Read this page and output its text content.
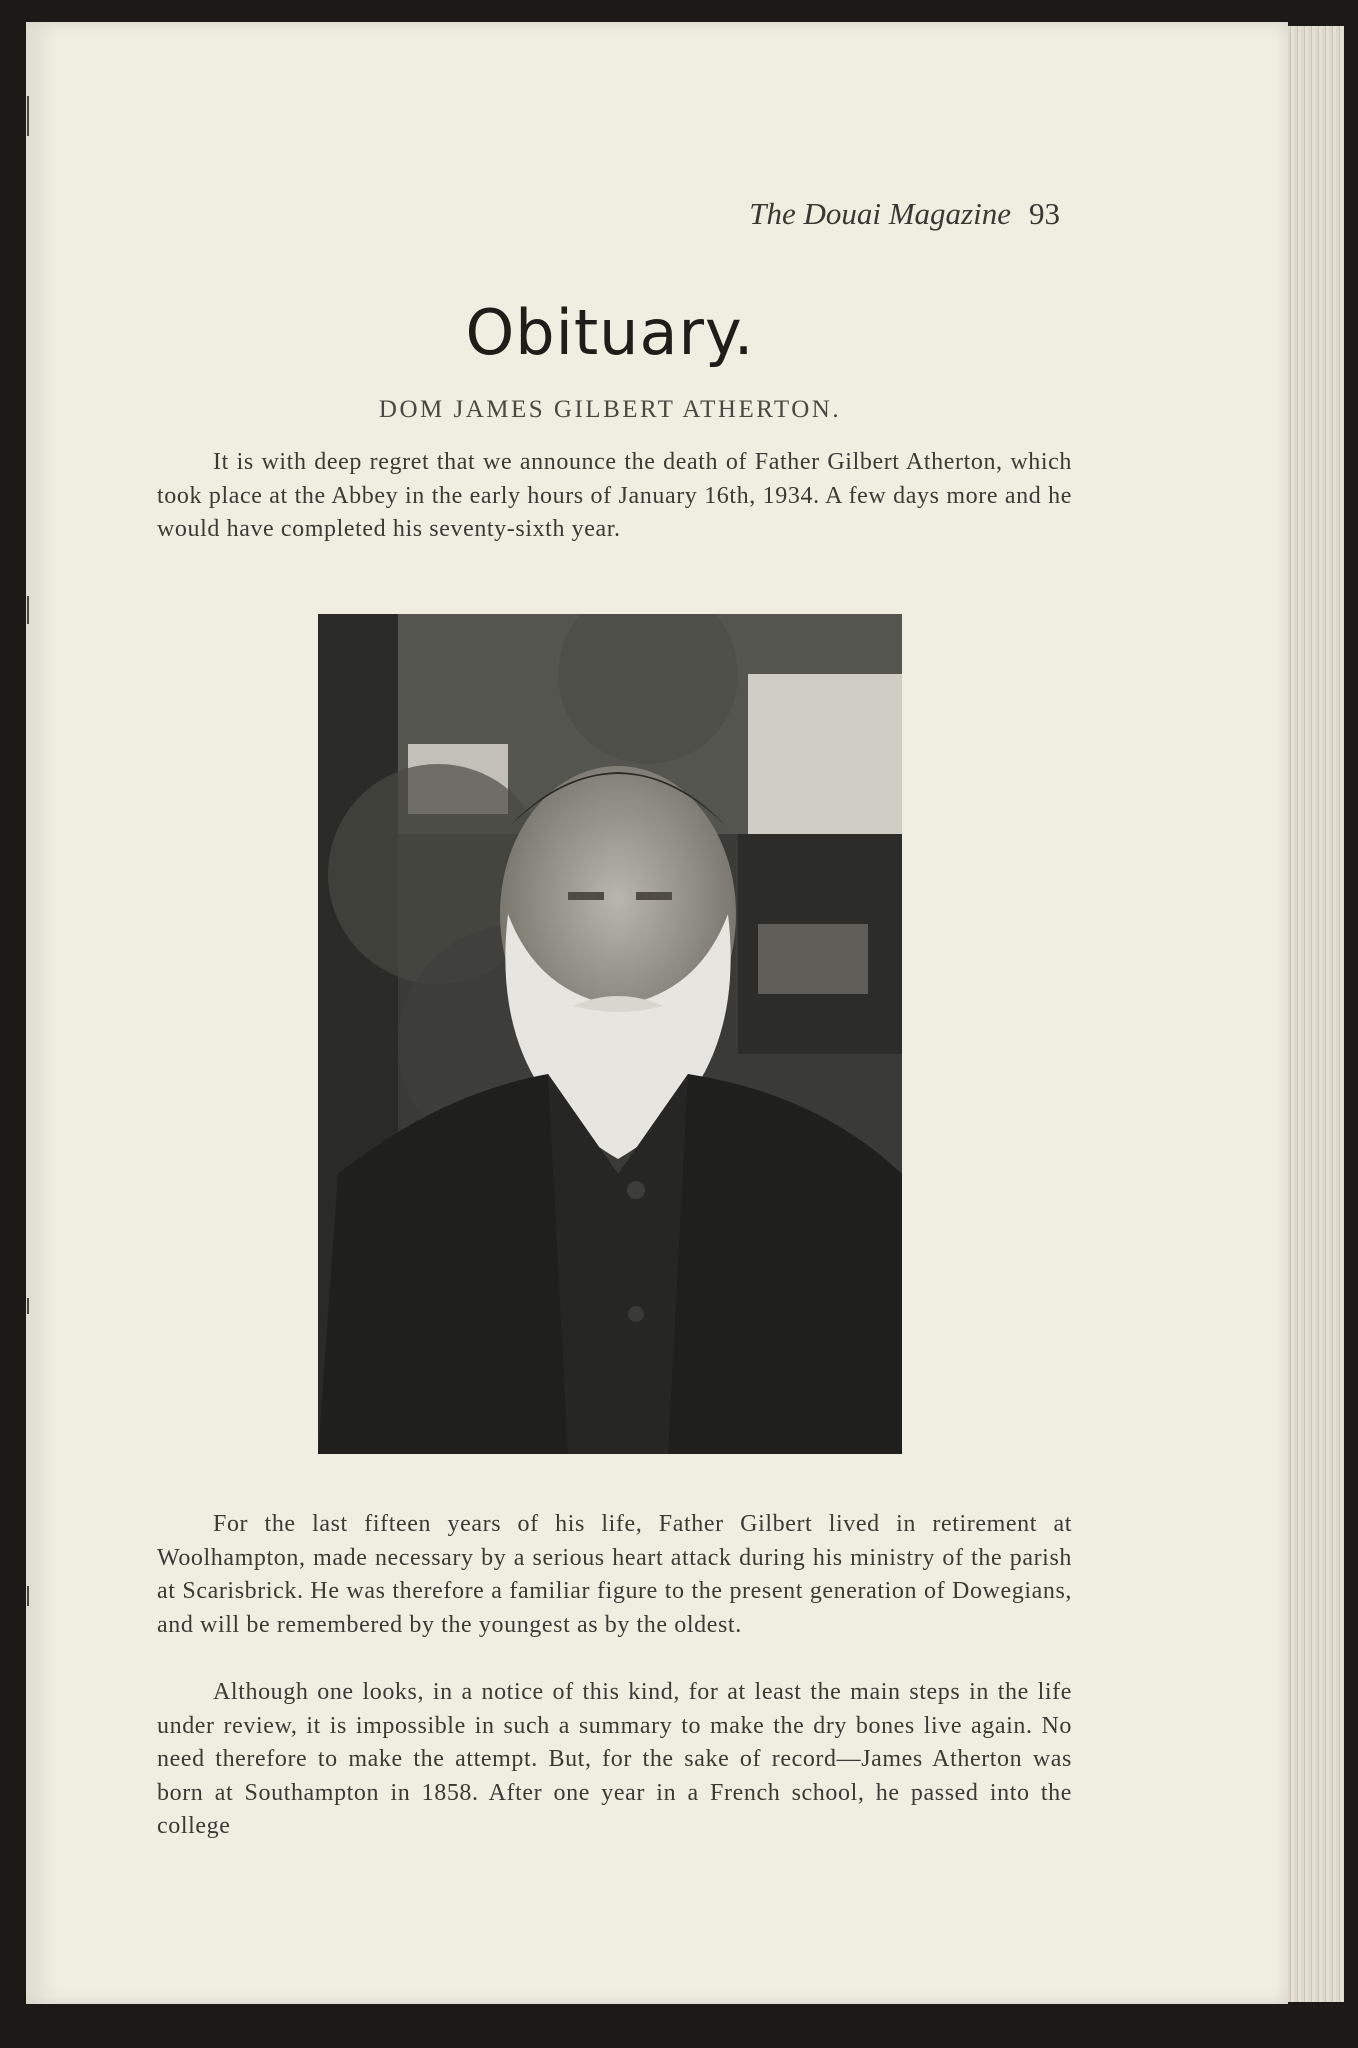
The Douai Magazine 93
Obituary.
DOM JAMES GILBERT ATHERTON.

It is with deep regret that we announce the death of Father Gilbert Atherton, which took place at the Abbey in the early hours of January 16th, 1934. A few days more and he would have completed his seventy-sixth year.

For the last fifteen years of his life, Father Gilbert lived in retirement at Woolhampton, made necessary by a serious heart attack during his ministry of the parish at Scarisbrick. He was therefore a familiar figure to the present generation of Dowegians, and will be remembered by the youngest as by the oldest.

Although one looks, in a notice of this kind, for at least the main steps in the life under review, it is impossible in such a summary to make the dry bones live again. No need therefore to make the attempt. But, for the sake of record—James Atherton was born at Southampton in 1858. After one year in a French school, he passed into the college
